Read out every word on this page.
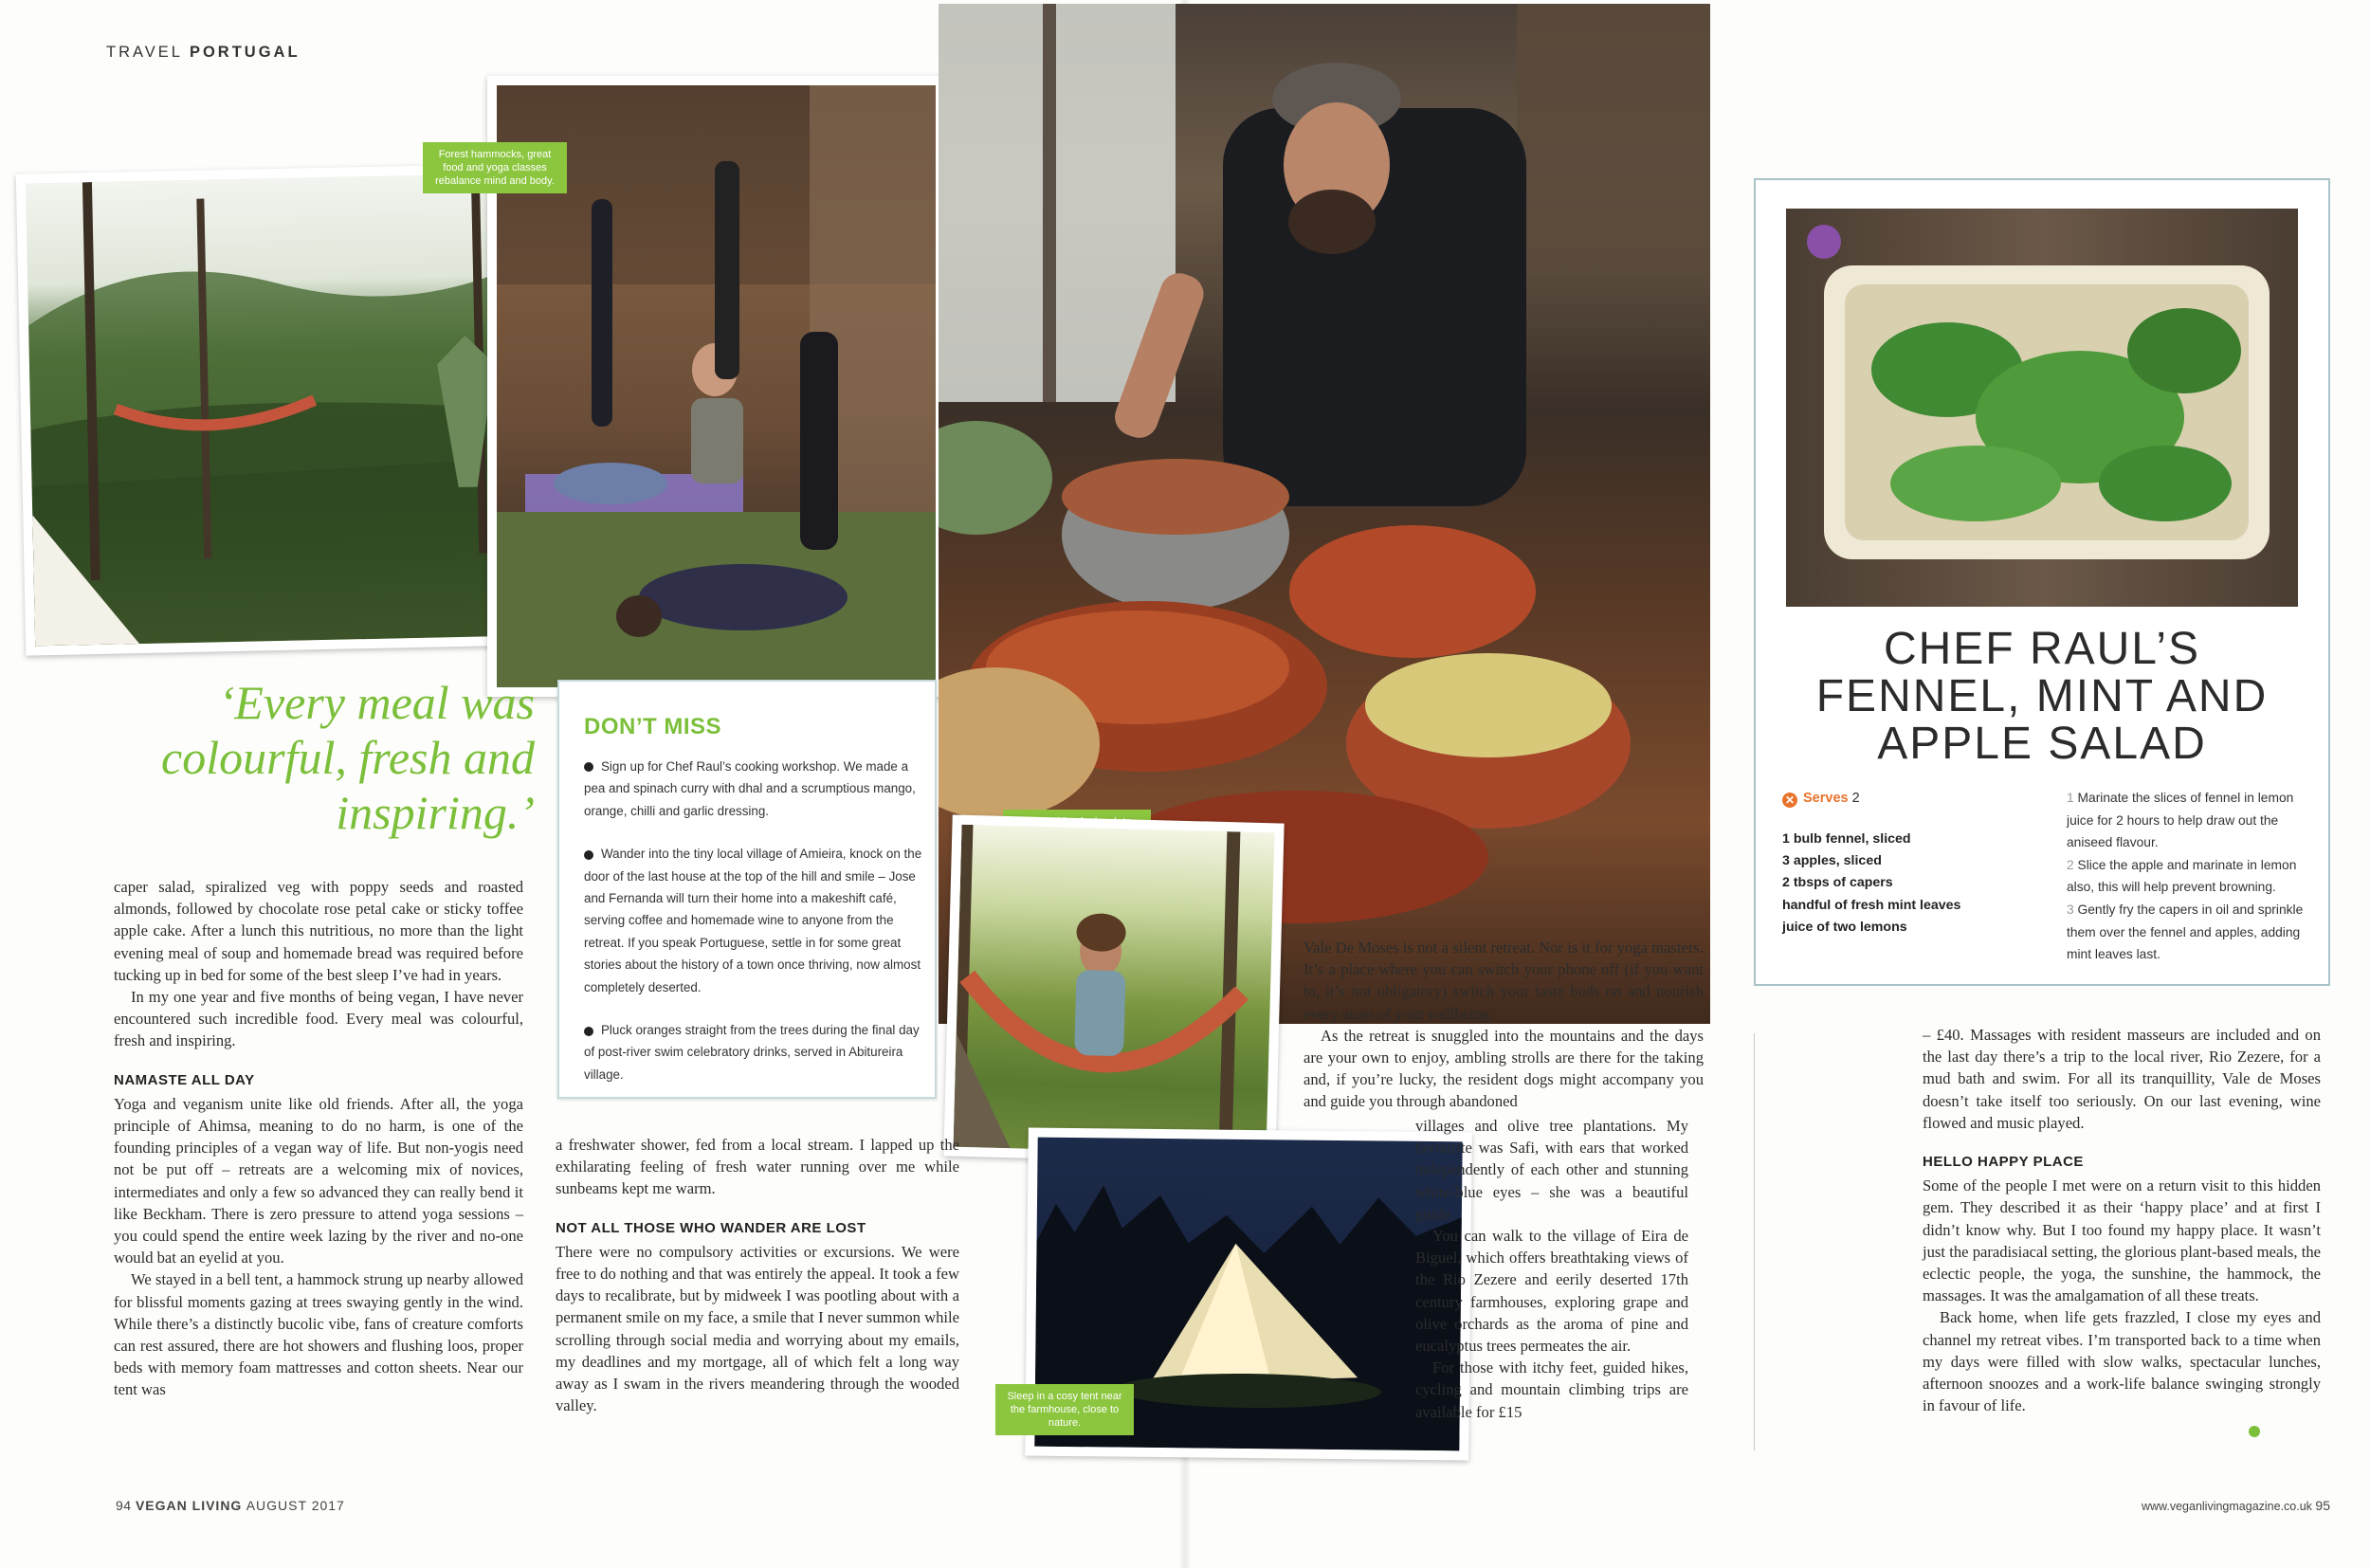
TRAVEL PORTUGAL
Forest hammocks, great food and yoga classes rebalance mind and body.
Sleep in a cosy tent near the farmhouse, close to nature.
‘Every meal was colourful, fresh and inspiring.’
DON’T MISS
Sign up for Chef Raul’s cooking workshop. We made a pea and spinach curry with dhal and a scrumptious mango, orange, chilli and garlic dressing.
Wander into the tiny local village of Amieira, knock on the door of the last house at the top of the hill and smile – Jose and Fernanda will turn their home into a makeshift café, serving coffee and homemade wine to anyone from the retreat. If you speak Portuguese, settle in for some great stories about the history of a town once thriving, now almost completely deserted.
Pluck oranges straight from the trees during the final day of post-river swim celebratory drinks, served in Abitureira village.

caper salad, spiralized veg with poppy seeds and roasted almonds, followed by chocolate rose petal cake or sticky toffee apple cake. After a lunch this nutritious, no more than the light evening meal of soup and homemade bread was required before tucking up in bed for some of the best sleep I’ve had in years.

In my one year and five months of being vegan, I have never encountered such incredible food. Every meal was colourful, fresh and inspiring.

NAMASTE ALL DAY

Yoga and veganism unite like old friends. After all, the yoga principle of Ahimsa, meaning to do no harm, is one of the founding principles of a vegan way of life. But non-yogis need not be put off – retreats are a welcoming mix of novices, intermediates and only a few so advanced they can really bend it like Beckham. There is zero pressure to attend yoga sessions – you could spend the entire week lazing by the river and no-one would bat an eyelid at you.

We stayed in a bell tent, a hammock strung up nearby allowed for blissful moments gazing at trees swaying gently in the wind. While there’s a distinctly bucolic vibe, fans of creature comforts can rest assured, there are hot showers and flushing loos, proper beds with memory foam mattresses and cotton sheets. Near our tent was

a freshwater shower, fed from a local stream. I lapped up the exhilarating feeling of fresh water running over me while sunbeams kept me warm.

NOT ALL THOSE WHO WANDER ARE LOST

There were no compulsory activities or excursions. We were free to do nothing and that was entirely the appeal. It took a few days to recalibrate, but by midweek I was pootling about with a permanent smile on my face, a smile that I never summon while scrolling through social media and worrying about my emails, my deadlines and my mortgage, all of which felt a long way away as I swam in the rivers meandering through the wooded valley.

Vale De Moses is not a silent retreat. Nor is it for yoga masters. It’s a place where you can switch your phone off (if you want to, it’s not obligatory) switch your taste buds on and nourish every atom of your wellbeing.

As the retreat is snuggled into the mountains and the days are your own to enjoy, ambling strolls are there for the taking and, if you’re lucky, the resident dogs might accompany you and guide you through abandoned

villages and olive tree plantations. My favourite was Safi, with ears that worked independently of each other and stunning white-blue eyes – she was a beautiful guide.

You can walk to the village of Eira de Biguel, which offers breathtaking views of the Rio Zezere and eerily deserted 17th century farmhouses, exploring grape and olive orchards as the aroma of pine and eucalyptus trees permeates the air.

For those with itchy feet, guided hikes, cycling and mountain climbing trips are available for £15

– £40. Massages with resident masseurs are included and on the last day there’s a trip to the local river, Rio Zezere, for a mud bath and swim. For all its tranquillity, Vale de Moses doesn’t take itself too seriously. On our last evening, wine flowed and music played.

HELLO HAPPY PLACE

Some of the people I met were on a return visit to this hidden gem. They described it as their ‘happy place’ and at first I didn’t know why. But I too found my happy place. It wasn’t just the paradisiacal setting, the glorious plant-based meals, the eclectic people, the yoga, the sunshine, the hammock, the massages. It was the amalgamation of all these treats.

Back home, when life gets frazzled, I close my eyes and channel my retreat vibes. I’m transported back to a time when my days were filled with slow walks, spectacular lunches, afternoon snoozes and a work-life balance swinging strongly in favour of life.

CHEF RAUL’S
FENNEL, MINT AND
APPLE SALAD
✕ Serves 2
1 bulb fennel, sliced
3 apples, sliced
2 tbsps of capers
handful of fresh mint leaves
juice of two lemons

1 Marinate the slices of fennel in lemon juice for 2 hours to help draw out the aniseed flavour.

2 Slice the apple and marinate in lemon also, this will help prevent browning.

3 Gently fry the capers in oil and sprinkle them over the fennel and apples, adding mint leaves last.

94 VEGAN LIVING AUGUST 2017	www.veganlivingmagazine.co.uk 95
